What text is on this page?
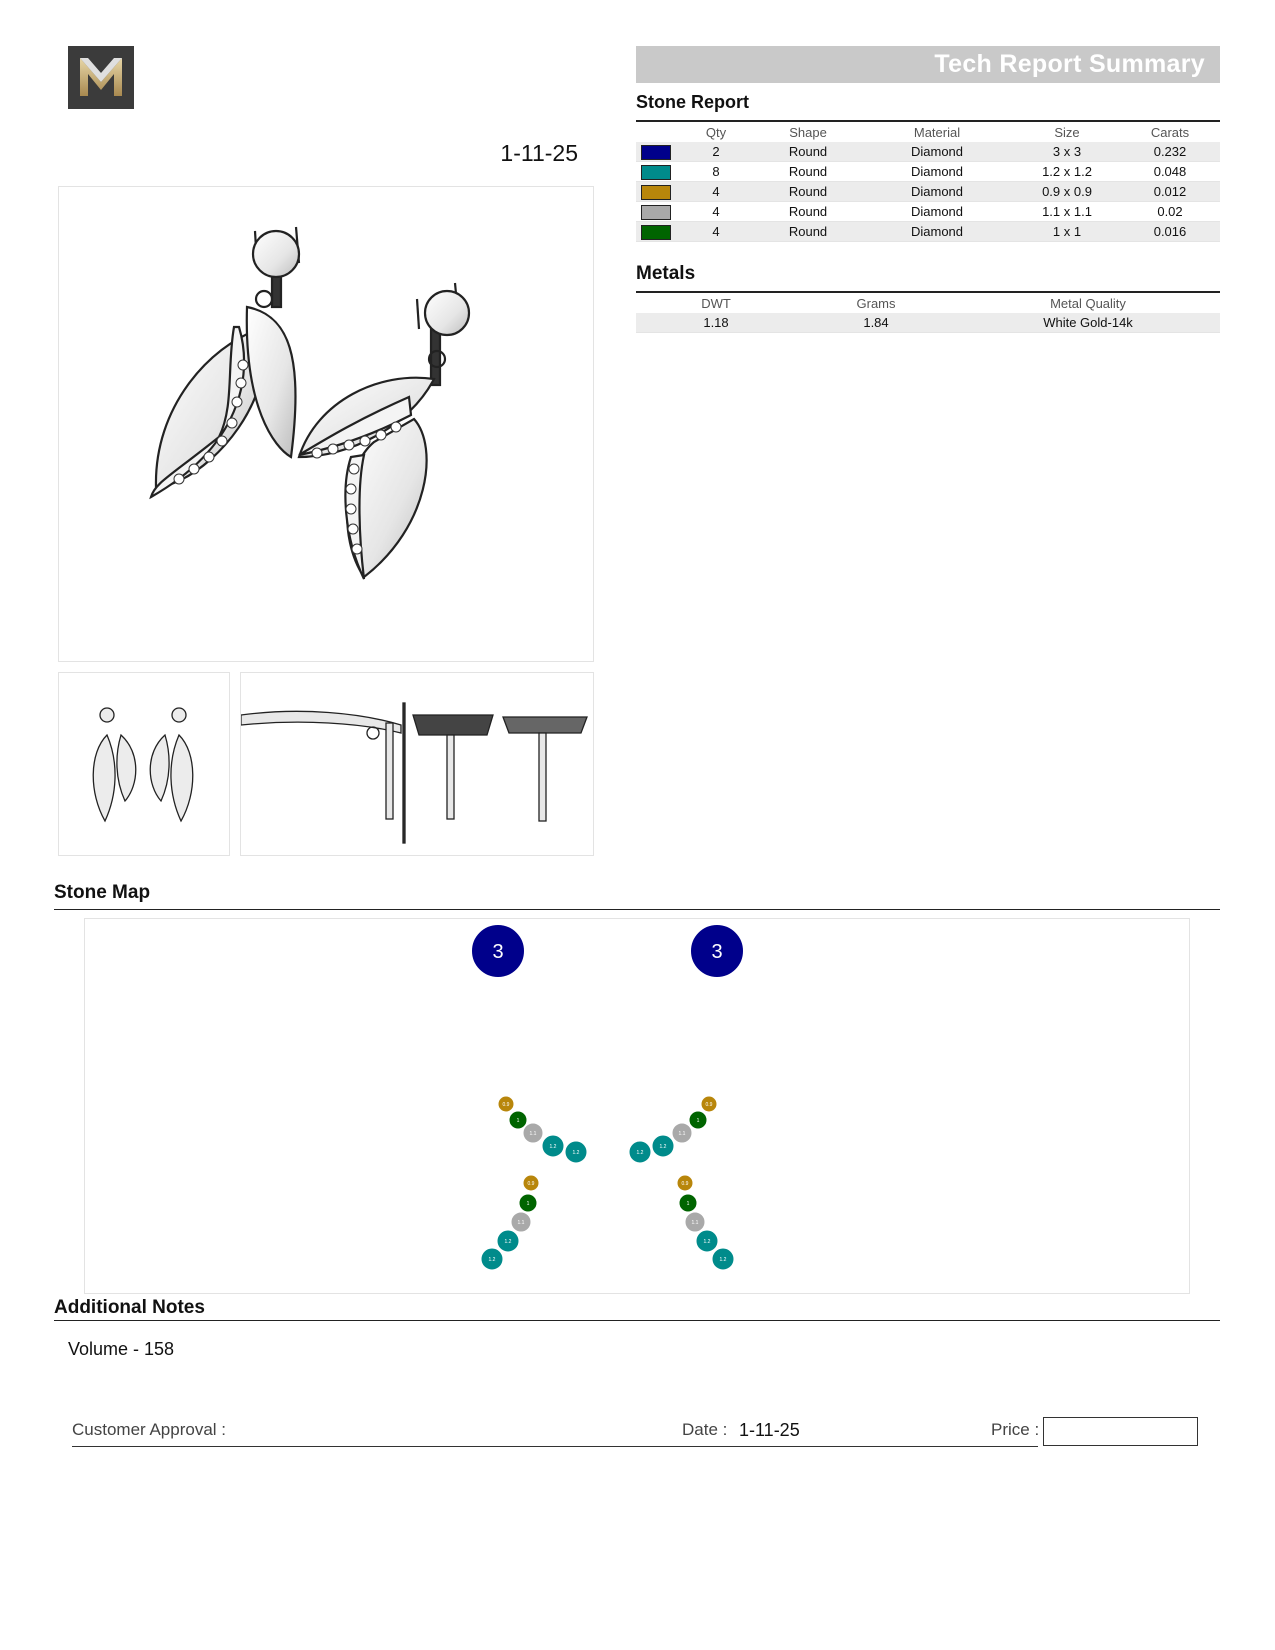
1-11-25
Tech Report Summary
Stone Report
	Qty	Shape	Material	Size	Carats
	2	Round	Diamond	3 x 3	0.232
	8	Round	Diamond	1.2 x 1.2	0.048
	4	Round	Diamond	0.9 x 0.9	0.012
	4	Round	Diamond	1.1 x 1.1	0.02
	4	Round	Diamond	1 x 1	0.016
Metals
DWT	Grams	Metal Quality
1.18	1.84	White Gold-14k
Stone Map
3	3
0.9
1
1.1
1.2
1.2
0.9
1
1.1
1.2
1.2
0.9
1
1.1
1.2
1.2
0.9
1
1.1
1.2
1.2
Additional Notes
Volume - 158
Customer Approval :	Date : 1-11-25	Price :
